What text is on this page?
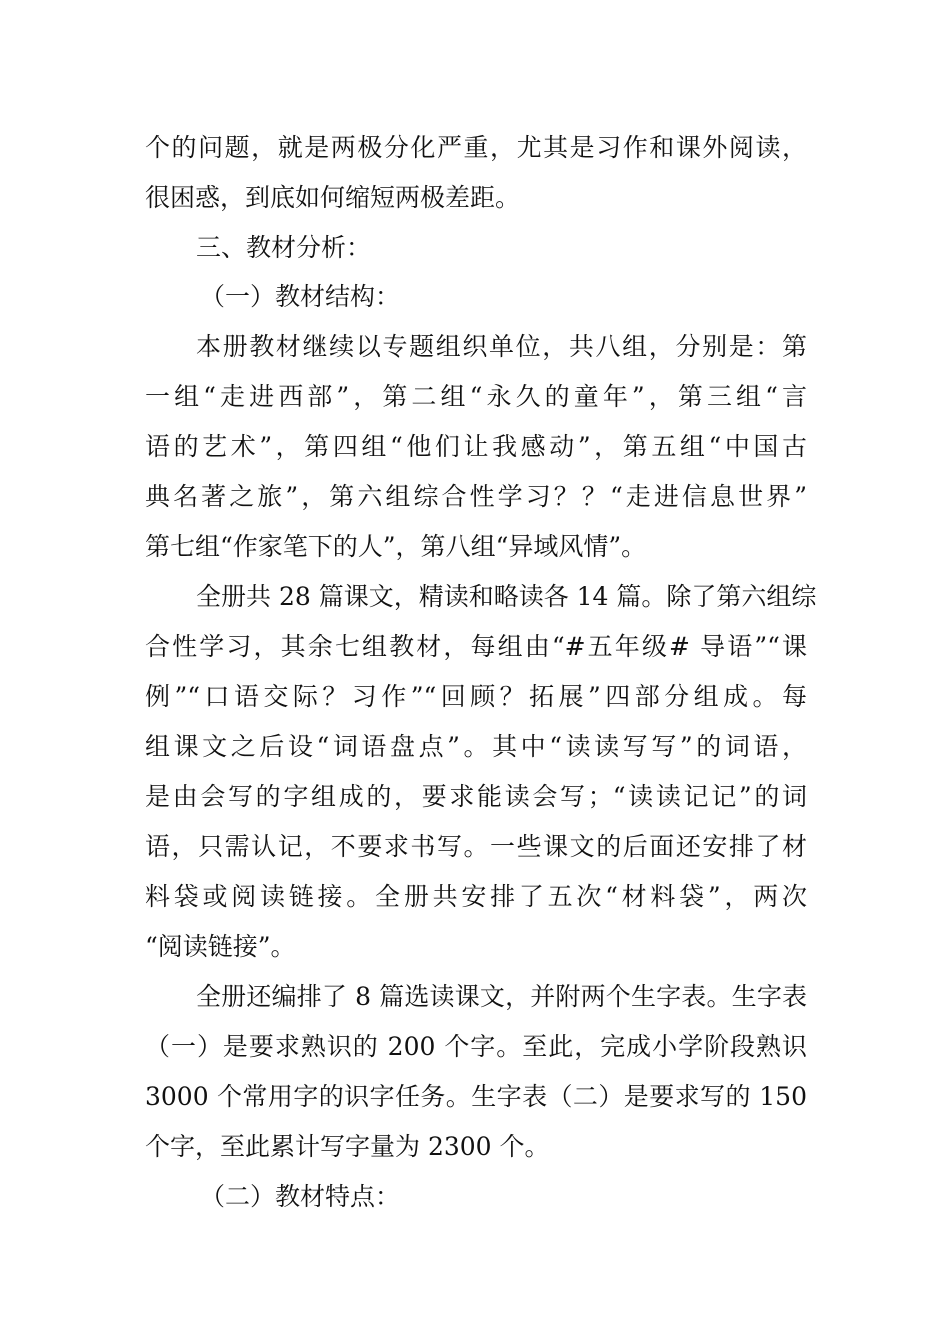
个的问题，就是两极分化严重，尤其是习作和课外阅读，
很困惑，到底如何缩短两极差距。
三、教材分析：
（一）教材结构：
本册教材继续以专题组织单位，共八组，分别是：第
一组“走进西部”，第二组“永久的童年”，第三组“言
语的艺术”，第四组“他们让我感动”，第五组“中国古
典名著之旅”，第六组综合性学习？？“走进信息世界”
第七组“作家笔下的人”，第八组“异域风情”。
全册共 28 篇课文，精读和略读各 14 篇。除了第六组综
合性学习，其余七组教材，每组由“#五年级# 导语”“课
例”“口语交际？习作”“回顾？拓展”四部分组成。每
组课文之后设“词语盘点”。其中“读读写写”的词语，
是由会写的字组成的，要求能读会写；“读读记记”的词
语，只需认记，不要求书写。一些课文的后面还安排了材
料袋或阅读链接。全册共安排了五次“材料袋”，两次
“阅读链接”。
全册还编排了 8 篇选读课文，并附两个生字表。生字表
（一）是要求熟识的 200 个字。至此，完成小学阶段熟识
3000 个常用字的识字任务。生字表（二）是要求写的 150
个字，至此累计写字量为 2300 个。
（二）教材特点：
